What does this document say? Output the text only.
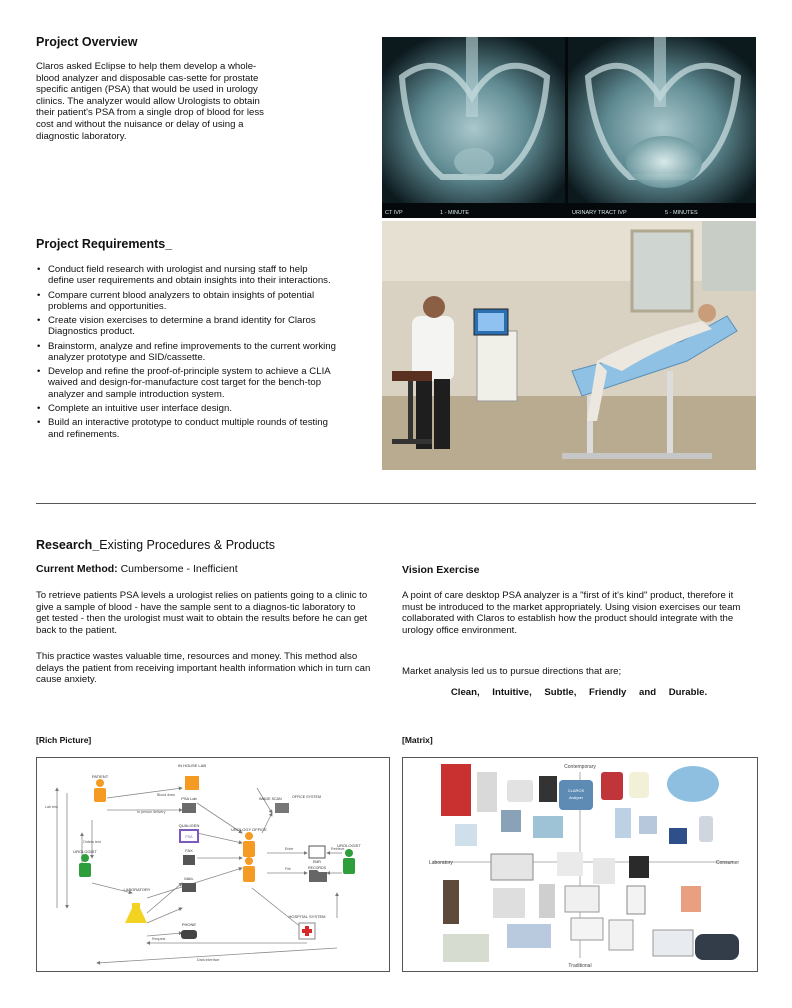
Project Overview

Claros asked Eclipse to help them develop a whole-blood analyzer and disposable cas-sette for prostate specific antigen (PSA) that would be used in urology clinics. The analyzer would allow Urologists to obtain their patient's PSA from a single drop of blood for less cost and without the nuisance or delay of using a diagnostic laboratory.

CT IVP	1 - MINUTE	URINARY TRACT IVP	5 - MINUTES
Project Requirements_
• Conduct field research with urologist and nursing staff to help define user requirements and obtain insights into their interactions.
• Compare current blood analyzers to obtain insights of potential problems and opportunities.
• Create vision exercises to determine a brand identity for Claros Diagnostics product.
• Brainstorm, analyze and refine improvements to the current working analyzer prototype and SID/cassette.
• Develop and refine the proof-of-principle system to achieve a CLIA waived and design-for-manufacture cost target for the bench-top analyzer and sample introduction system.
• Complete an intuitive user interface design.
• Build an interactive prototype to conduct multiple rounds of testing and refinements.
Research_Existing Procedures & Products
Current Method: Cumbersome - Inefficient

To retrieve patients PSA levels a urologist relies on patients going to a clinic to give a sample of blood - have the sample sent to a diagnos-tic laboratory to get tested - then the urologist must wait to obtain the results before he can get back to the patient.

This practice wastes valuable time, resources and money. This method also delays the patient from receiving important health information which in turn can cause anxiety.

Vision Exercise

A point of care desktop PSA analyzer is a "first of it's kind" product, therefore it must be introduced to the market appropriately. Using vision exercises our team collaborated with Claros to establish how the product should integrate with the urology office environment.

Market analysis led us to pursue directions that are;

Clean, Intuitive, Subtle, Friendly and Durable.

[Rich Picture]	[Matrix]
IN HOUSE LAB
PATIENT
UROLOGIST
LABORATORY
PSA Lab
PSA
QUALIGEN
FAX
MAIL
PHONE
UROLOGY OFFICE
OFFICE SYSTEM
IMAGE SCAN
EMR
RECORDS
UROLOGIST
HOSPITAL SYSTEM
Blood draw
In person delivery
Lab test
Orders test
Enter
File
Retrieve
Request
Data interface
Contemporary
Traditional
Laboratory	Consumer
CLAROS
Analyzer
